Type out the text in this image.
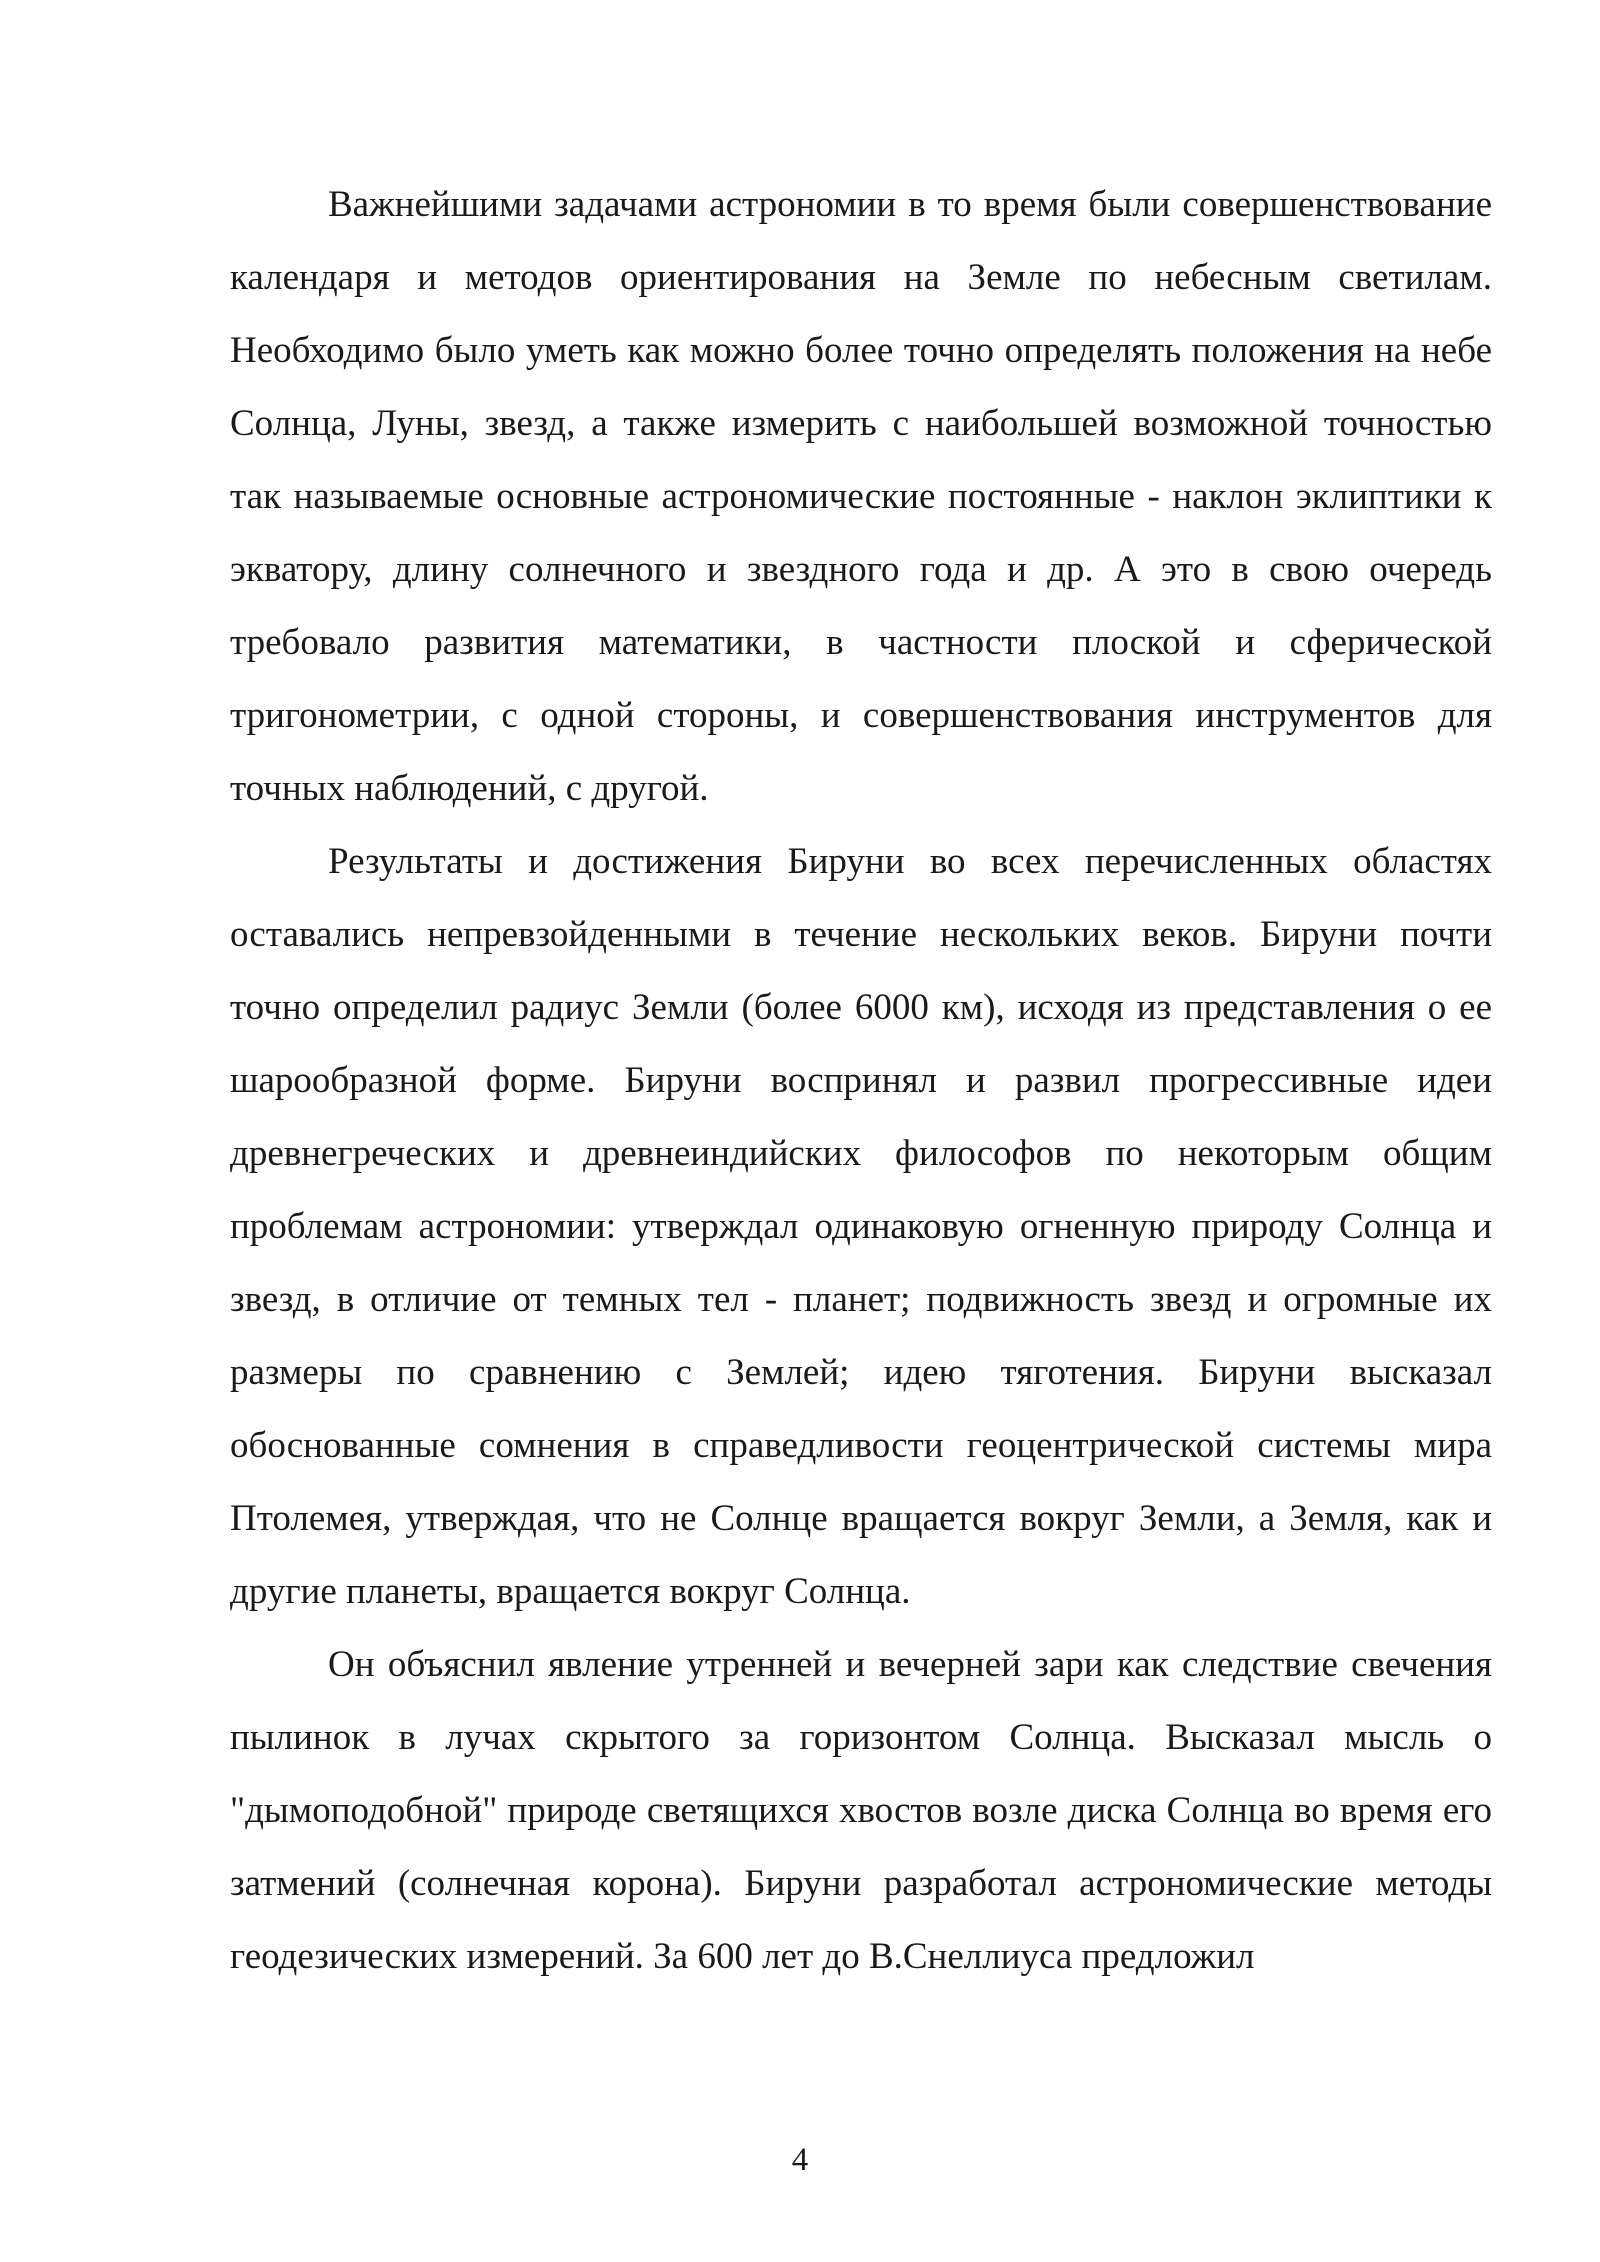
Важнейшими задачами астрономии в то время были совершенствование календаря и методов ориентирования на Земле по небесным светилам. Необходимо было уметь как можно более точно определять положения на небе Солнца, Луны, звезд, а также измерить с наибольшей возможной точностью так называемые основные астрономические постоянные - наклон эклиптики к экватору, длину солнечного и звездного года и др. А это в свою очередь требовало развития математики, в частности плоской и сферической тригонометрии, с одной стороны, и совершенствования инструментов для точных наблюдений, с другой.

Результаты и достижения Бируни во всех перечисленных областях оставались непревзойденными в течение нескольких веков. Бируни почти точно определил радиус Земли (более 6000 км), исходя из представления о ее шарообразной форме. Бируни воспринял и развил прогрессивные идеи древнегреческих и древнеиндийских философов по некоторым общим проблемам астрономии: утверждал одинаковую огненную природу Солнца и звезд, в отличие от темных тел - планет; подвижность звезд и огромные их размеры по сравнению с Землей; идею тяготения. Бируни высказал обоснованные сомнения в справедливости геоцентрической системы мира Птолемея, утверждая, что не Солнце вращается вокруг Земли, а Земля, как и другие планеты, вращается вокруг Солнца.

Он объяснил явление утренней и вечерней зари как следствие свечения пылинок в лучах скрытого за горизонтом Солнца. Высказал мысль о "дымоподобной" природе светящихся хвостов возле диска Солнца во время его затмений (солнечная корона). Бируни разработал астрономические методы геодезических измерений. За 600 лет до В.Снеллиуса предложил

4
